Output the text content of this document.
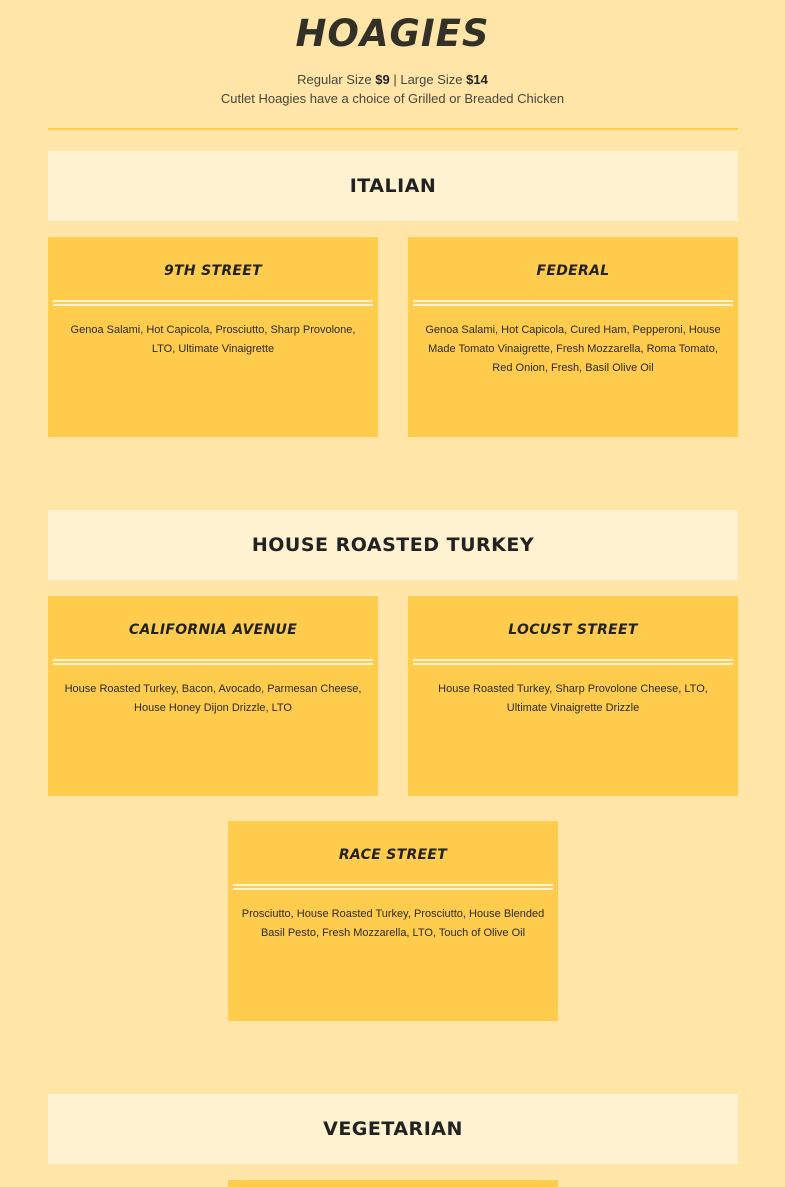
HOAGIES
Regular Size $9 | Large Size $14
Cutlet Hoagies have a choice of Grilled or Breaded Chicken
ITALIAN
9TH STREET
Genoa Salami, Hot Capicola, Prosciutto, Sharp Provolone, LTO, Ultimate Vinaigrette
FEDERAL
Genoa Salami, Hot Capicola, Cured Ham, Pepperoni, House Made Tomato Vinaigrette, Fresh Mozzarella, Roma Tomato, Red Onion, Fresh, Basil Olive Oil
HOUSE ROASTED TURKEY
CALIFORNIA AVENUE
House Roasted Turkey, Bacon, Avocado, Parmesan Cheese, House Honey Dijon Drizzle, LTO
LOCUST STREET
House Roasted Turkey, Sharp Provolone Cheese, LTO, Ultimate Vinaigrette Drizzle
RACE STREET
Prosciutto, House Roasted Turkey, Prosciutto, House Blended Basil Pesto, Fresh Mozzarella, LTO, Touch of Olive Oil
VEGETARIAN
